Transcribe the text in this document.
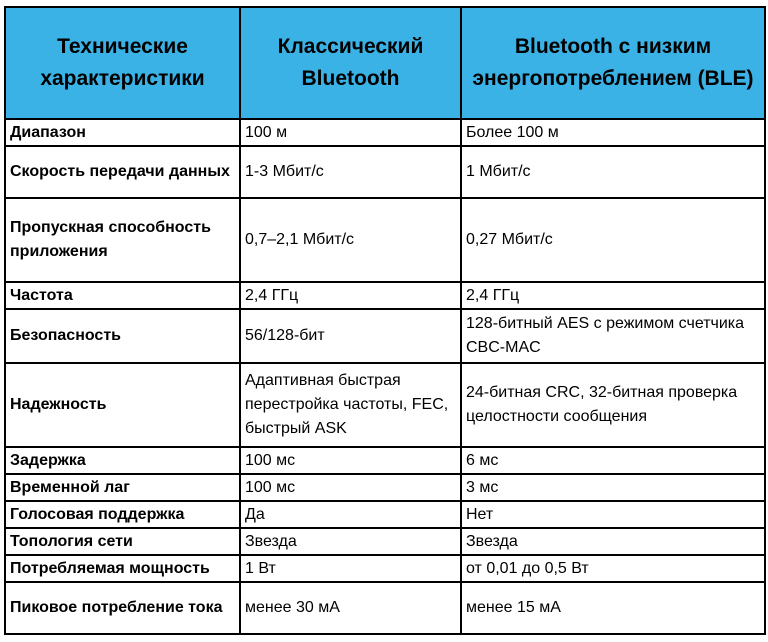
Технические характеристики	Классический Bluetooth	Bluetooth с низким энергопотреблением (BLE)
Диапазон	100 м	Более 100 м
Скорость передачи данных	1-3 Мбит/с	1 Мбит/с
Пропускная способность приложения	0,7–2,1 Мбит/с	0,27 Мбит/с
Частота	2,4 ГГц	2,4 ГГц
Безопасность	56/128-бит	128-битный AES с режимом счетчика CBC-MAC
Надежность	Адаптивная быстрая перестройка частоты, FEC, быстрый ASK	24-битная CRC, 32-битная проверка целостности сообщения
Задержка	100 мс	6 мс
Временной лаг	100 мс	3 мс
Голосовая поддержка	Да	Нет
Топология сети	Звезда	Звезда
Потребляемая мощность	1 Вт	от 0,01 до 0,5 Вт
Пиковое потребление тока	менее 30 мА	менее 15 мА
